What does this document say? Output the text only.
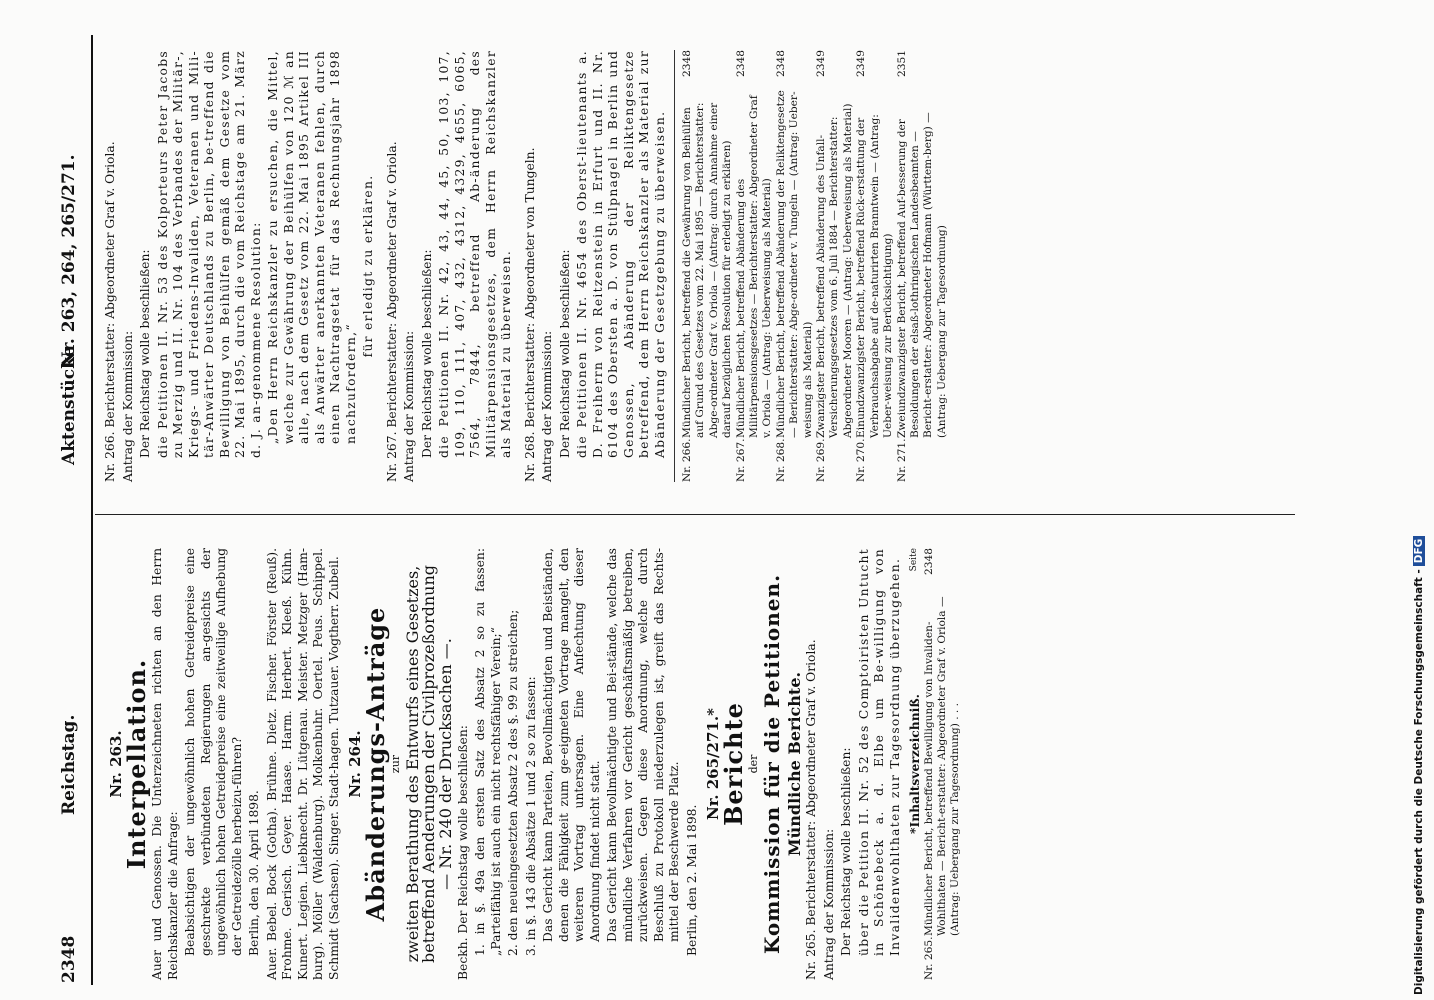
2348
Reichstag.
Aktenstücke
Nr. 263, 264, 265/271.
Nr. 263.
Interpellation. Auer und Genossen. Die Unterzeichneten richten an den Herrn Reichskanzler die Anfrage: Beabsichtigen der ungewöhnlich hohen Getreidepreise eine geschrekte verbündeten Regierungen an-gesichts der ungewöhnlich hohen Getreidepreise eine zeitweilige Aufhebung der Getreidezölle herbeizu-führen? Berlin, den 30. April 1898. Auer. Bebel. Bock (Gotha). Brühne. Dietz. Fischer. Förster (Reuß). Frohme. Gerisch. Geyer. Haase. Harm. Herbert. Kleeß. Kühn. Kunert. Legien. Liebknecht. Dr. Lütgenau. Meister. Metzger (Ham-burg). Möller (Waldenburg). Molkenbuhr. Oertel. Peus. Schippel. Schmidt (Sachsen). Singer. Stadt-hagen. Tutzauer. Vogtherr. Zubeil. Nr. 264.
Abänderungs-Anträge zur zweiten Berathung des Entwurfs eines Gesetzes, betreffend Aenderungen der Civilprozeßordnung
— Nr. 240 der Drucksachen —. Beckh. Der Reichstag wolle beschließen: 1. in §. 49a den ersten Satz des Absatz 2 so zu fassen: „Parteifähig ist auch ein nicht rechtsfähiger Verein;“ 2. den neueingesetzten Absatz 2 des §. 99 zu streichen; 3. in §. 143 die Absätze 1 und 2 so zu fassen: Das Gericht kann Parteien, Bevollmächtigten und Beiständen, denen die Fähigkeit zum ge-eigneten Vortrage mangelt, den weiteren Vortrag untersagen. Eine Anfechtung dieser Anordnung findet nicht statt. Das Gericht kann Bevollmächtigte und Bei-stände, welche das mündliche Verfahren vor Gericht geschäftsmäßig betreiben, zurückweisen. Gegen diese Anordnung, welche durch Beschluß zu Protokoll niederzulegen ist, greift das Rechts-mittel der Beschwerde Platz. Berlin, den 2. Mai 1898.

Nr. 265/271.*
Berichte der Kommission für die Petitionen. Mündliche Berichte. Nr. 265. Berichterstatter: Abgeordneter Graf v. Oriola. Antrag der Kommission: Der Reichstag wolle beschließen: über die Petition II. Nr. 52 des Comptoiristen Untucht in Schönebeck a. d. Elbe um Be-willigung von Invalidenwohlthaten zur Tagesordnung überzugehen. *Inhaltsverzeichniß.
Seite
Nr. 265.
Mündlicher Bericht, betreffend Bewilligung von Invaliden-Wohlthaten — Bericht-erstatter: Abgeordneter Graf v. Oriola — (Antrag: Uebergang zur Tagesordnung) . . .
2348

Nr. 266. Berichterstatter: Abgeordneter Graf v. Oriola. Antrag der Kommission: Der Reichstag wolle beschließen: die Petitionen II. Nr. 53 des Kolporteurs Peter Jacobs zu Merzig und II. Nr. 104 des Verbandes der Militär-, Kriegs- und Friedens-Invaliden, Veteranen und Mili-tär-Anwärter Deutschlands zu Berlin, be-treffend die Bewilligung von Beihülfen gemäß dem Gesetze vom 22. Mai 1895, durch die vom Reichstage am 21. März d. J. an-genommene Resolution: „Den Herrn Reichskanzler zu ersuchen, die Mittel, welche zur Gewährung der Beihülfen von 120 ℳ an alle, nach dem Gesetz vom 22. Mai 1895 Artikel III als Anwärter anerkannten Veteranen fehlen, durch einen Nachtragsetat für das Rechnungsjahr 1898 nachzufordern,“

für erledigt zu erklären. Nr. 267. Berichterstatter: Abgeordneter Graf v. Oriola. Antrag der Kommission: Der Reichstag wolle beschließen: die Petitionen II. Nr. 42, 43, 44, 45, 50, 103, 107, 109, 110, 111, 407, 432, 4312, 4329, 4655, 6065, 7564, 7844, betreffend Ab-änderung des Militärpensionsgesetzes, dem Herrn Reichskanzler als Material zu überweisen. Nr. 268. Berichterstatter: Abgeordneter von Tungeln. Antrag der Kommission: Der Reichstag wolle beschließen: die Petitionen II. Nr. 4654 des Oberst-lieutenants a. D. Freiherrn von Reitzenstein in Erfurt und II. Nr. 6104 des Obersten a. D. von Stülpnagel in Berlin und Genossen, Abänderung der Reliktengesetze betreffend, dem Herrn Reichskanzler als Material zur Abänderung der Gesetzgebung zu überweisen.

Nr. 266.
Mündlicher Bericht, betreffend die Gewährung von Beihülfen auf Grund des Gesetzes vom 22. Mai 1895 — Berichterstatter: Abge-ordneter Graf v. Oriola — (Antrag: durch Annahme einer darauf bezüglichen Resolution für erledigt zu erklären)
2348
Nr. 267.
Mündlicher Bericht, betreffend Abänderung des Militärpensionsgesetzes — Berichterstatter: Abgeordneter Graf v. Oriola — (Antrag: Ueberweisung als Material)
2348
Nr. 268.
Mündlicher Bericht, betreffend Abänderung der Reliktengesetze — Berichterstatter: Abge-ordneter v. Tungeln — (Antrag: Ueber-weisung als Material)
2348
Nr. 269.
Zwanzigster Bericht, betreffend Abänderung des Unfall-Versicherungsgesetzes vom 6. Juli 1884 — Berichterstatter: Abgeordneter Mooren — (Antrag: Ueberweisung als Material)
2349
Nr. 270.
Einundzwanzigster Bericht, betreffend Rück-erstattung der Verbrauchsabgabe auf de-naturirten Branntwein — (Antrag: Ueber-weisung zur Berücksichtigung)
2349
Nr. 271.
Zweiundzwanzigster Bericht, betreffend Auf-besserung der Besoldungen der elsaß-lothringischen Landesbeamten — Bericht-erstatter: Abgeordneter Hofmann (Württem-berg) — (Antrag: Uebergang zur Tagesordnung)
2351
Digitalisierung gefördert durch die Deutsche Forschungsgemeinschaft -DFG
